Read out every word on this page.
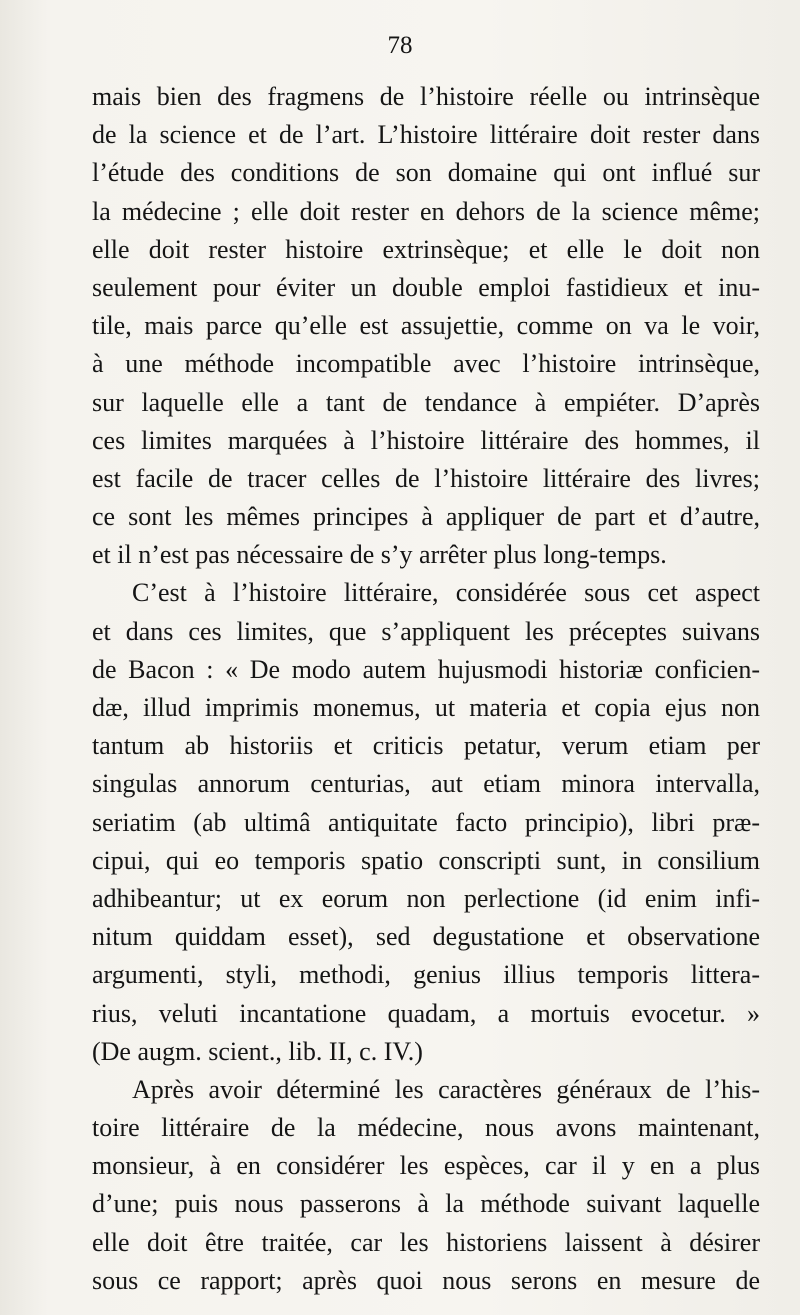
78
mais bien des fragmens de l’histoire réelle ou intrinsèque
de la science et de l’art. L’histoire littéraire doit rester dans
l’étude des conditions de son domaine qui ont influé sur
la médecine ; elle doit rester en dehors de la science même;
elle doit rester histoire extrinsèque; et elle le doit non
seulement pour éviter un double emploi fastidieux et inu-
tile, mais parce qu’elle est assujettie, comme on va le voir,
à une méthode incompatible avec l’histoire intrinsèque,
sur laquelle elle a tant de tendance à empiéter. D’après
ces limites marquées à l’histoire littéraire des hommes, il
est facile de tracer celles de l’histoire littéraire des livres;
ce sont les mêmes principes à appliquer de part et d’autre,
et il n’est pas nécessaire de s’y arrêter plus long-temps.
C’est à l’histoire littéraire, considérée sous cet aspect
et dans ces limites, que s’appliquent les préceptes suivans
de Bacon : « De modo autem hujusmodi historiæ conficien-
dæ, illud imprimis monemus, ut materia et copia ejus non
tantum ab historiis et criticis petatur, verum etiam per
singulas annorum centurias, aut etiam minora intervalla,
seriatim (ab ultimâ antiquitate facto principio), libri præ-
cipui, qui eo temporis spatio conscripti sunt, in consilium
adhibeantur; ut ex eorum non perlectione (id enim infi-
nitum quiddam esset), sed degustatione et observatione
argumenti, styli, methodi, genius illius temporis littera-
rius, veluti incantatione quadam, a mortuis evocetur. »
(De augm. scient., lib. II, c. IV.)
Après avoir déterminé les caractères généraux de l’his-
toire littéraire de la médecine, nous avons maintenant,
monsieur, à en considérer les espèces, car il y en a plus
d’une; puis nous passerons à la méthode suivant laquelle
elle doit être traitée, car les historiens laissent à désirer
sous ce rapport; après quoi nous serons en mesure de
